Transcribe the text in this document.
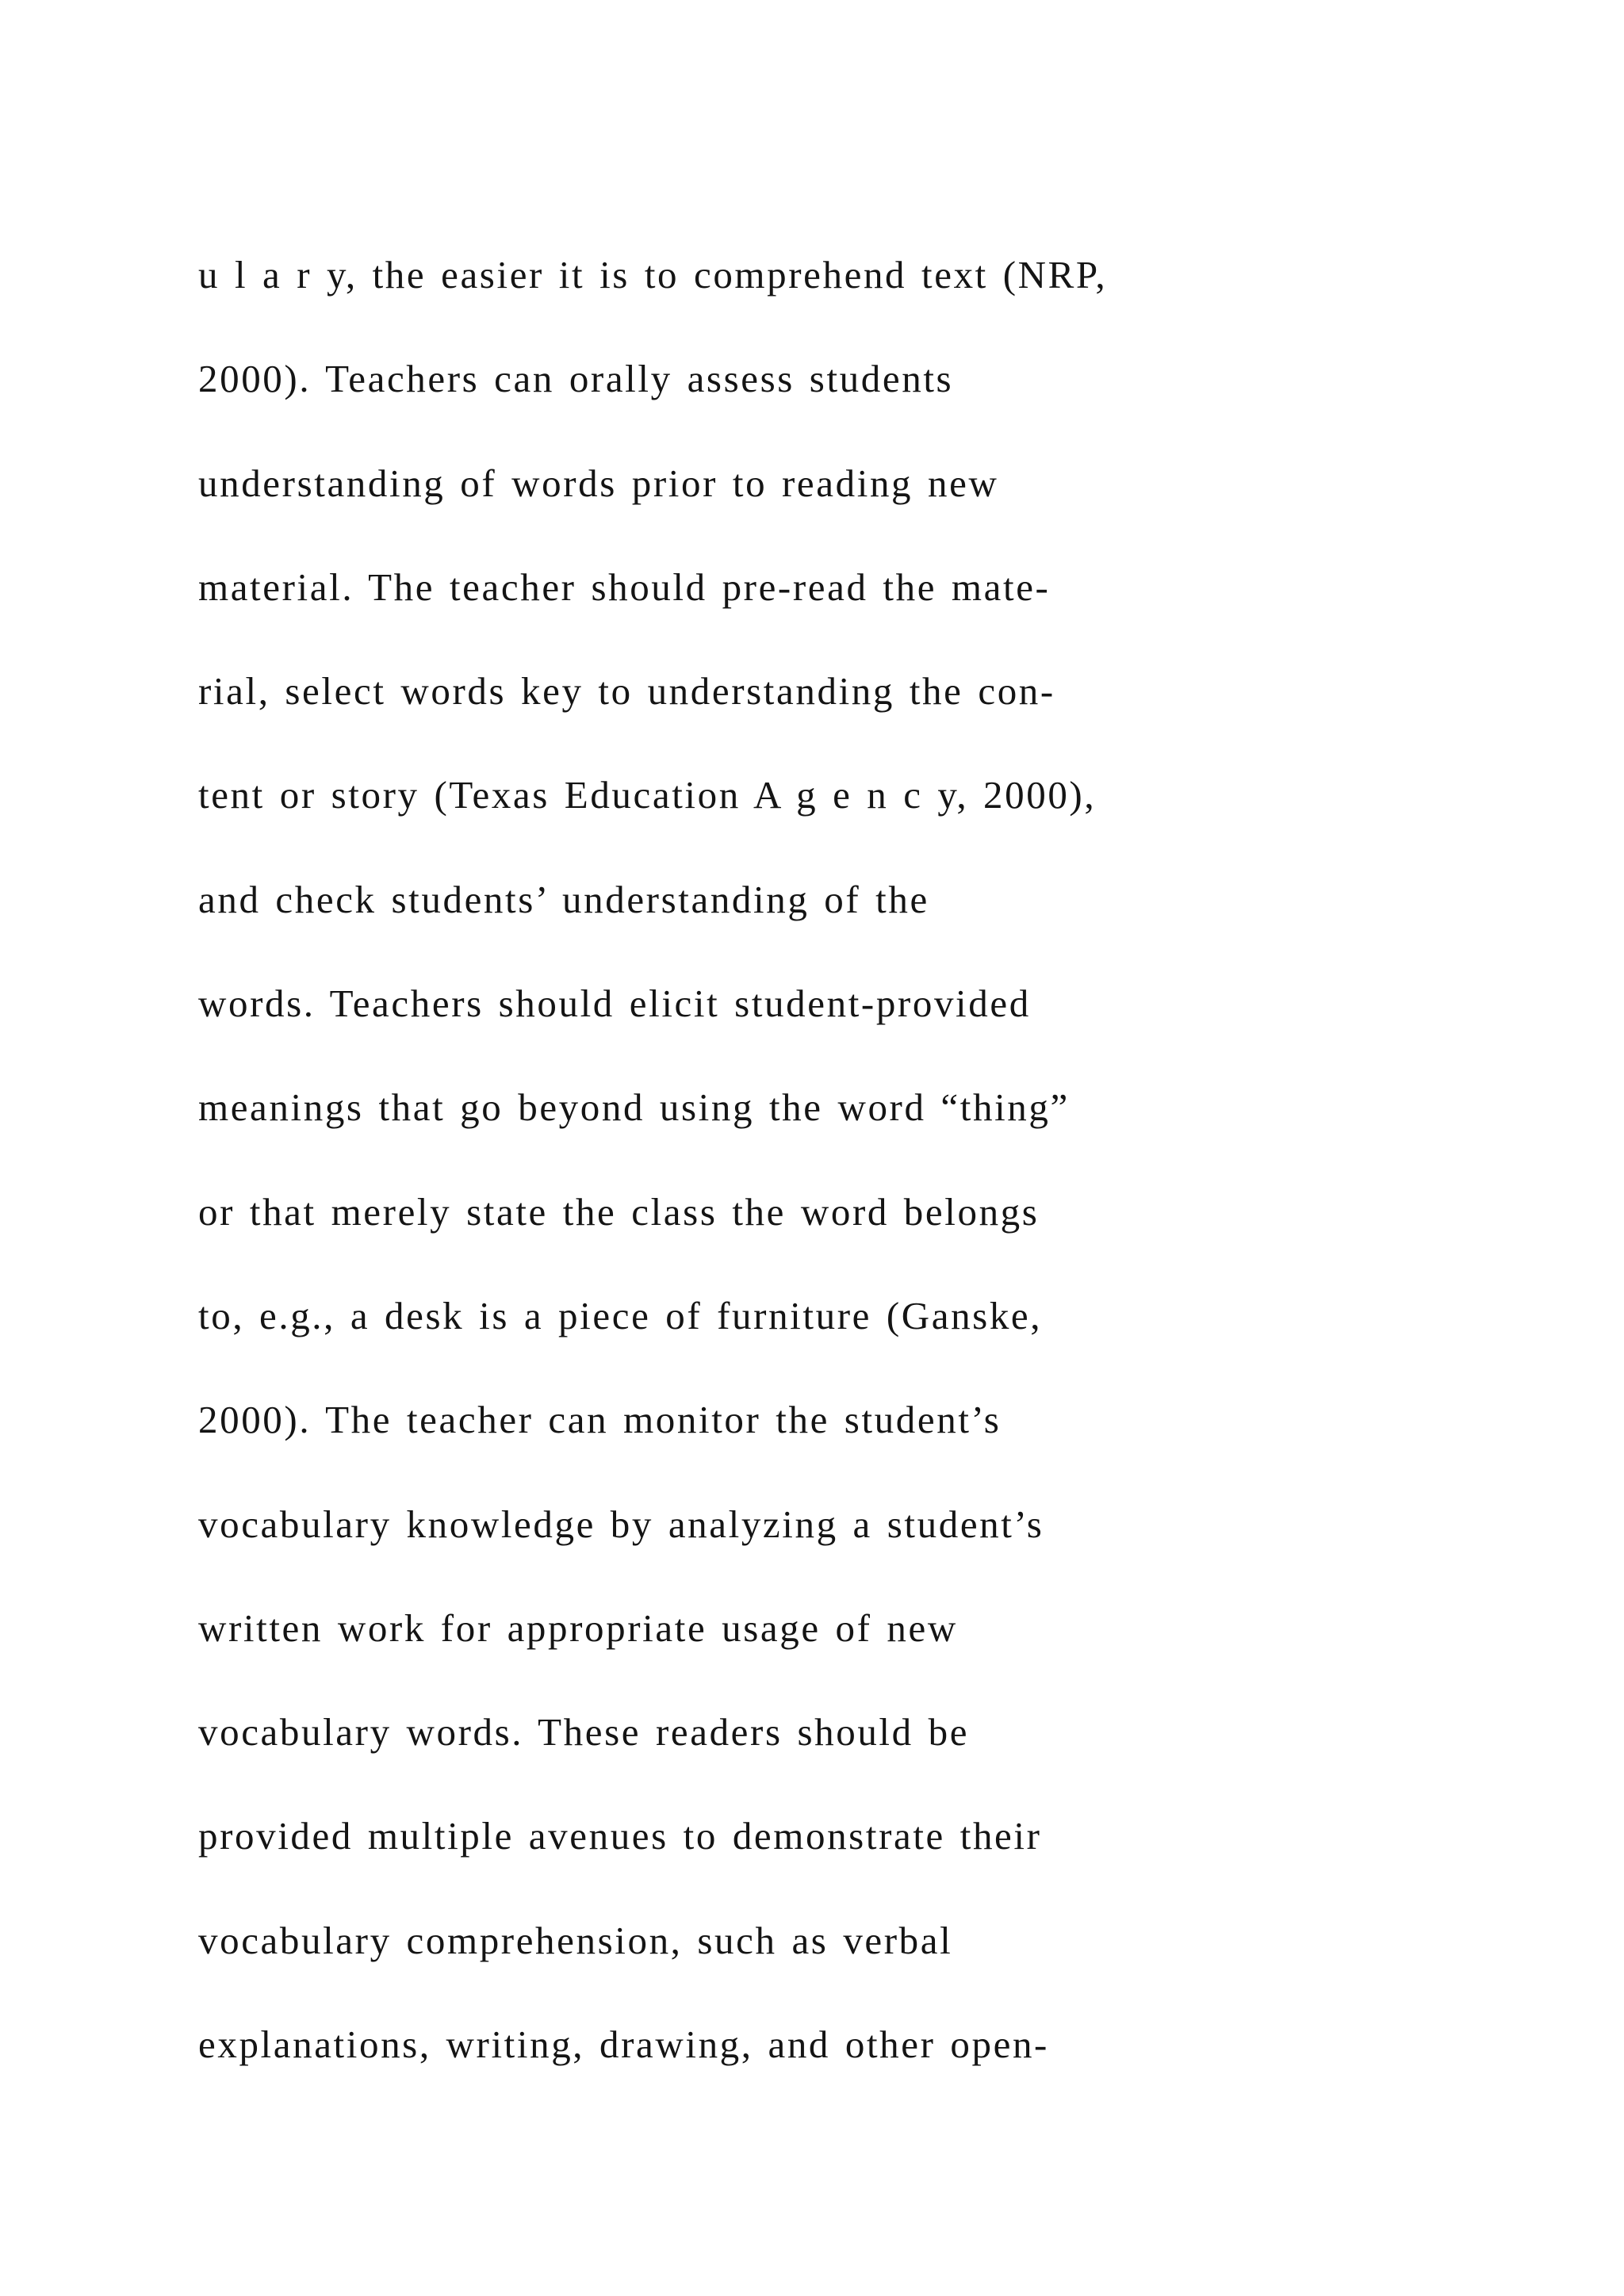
u l a r y, the easier it is to comprehend text (NRP,
2000). Teachers can orally assess students
understanding of words prior to reading new
material. The teacher should pre-read the mate-
rial, select words key to understanding the con-
tent or story (Texas Education A g e n c y, 2000),
and check students’ understanding of the
words. Teachers should elicit student-provided
meanings that go beyond using the word “thing”
or that merely state the class the word belongs
to, e.g., a desk is a piece of furniture (Ganske,
2000). The teacher can monitor the student’s
vocabulary knowledge by analyzing a student’s
written work for appropriate usage of new
vocabulary words. These readers should be
provided multiple avenues to demonstrate their
vocabulary comprehension, such as verbal
explanations, writing, drawing, and other open-
